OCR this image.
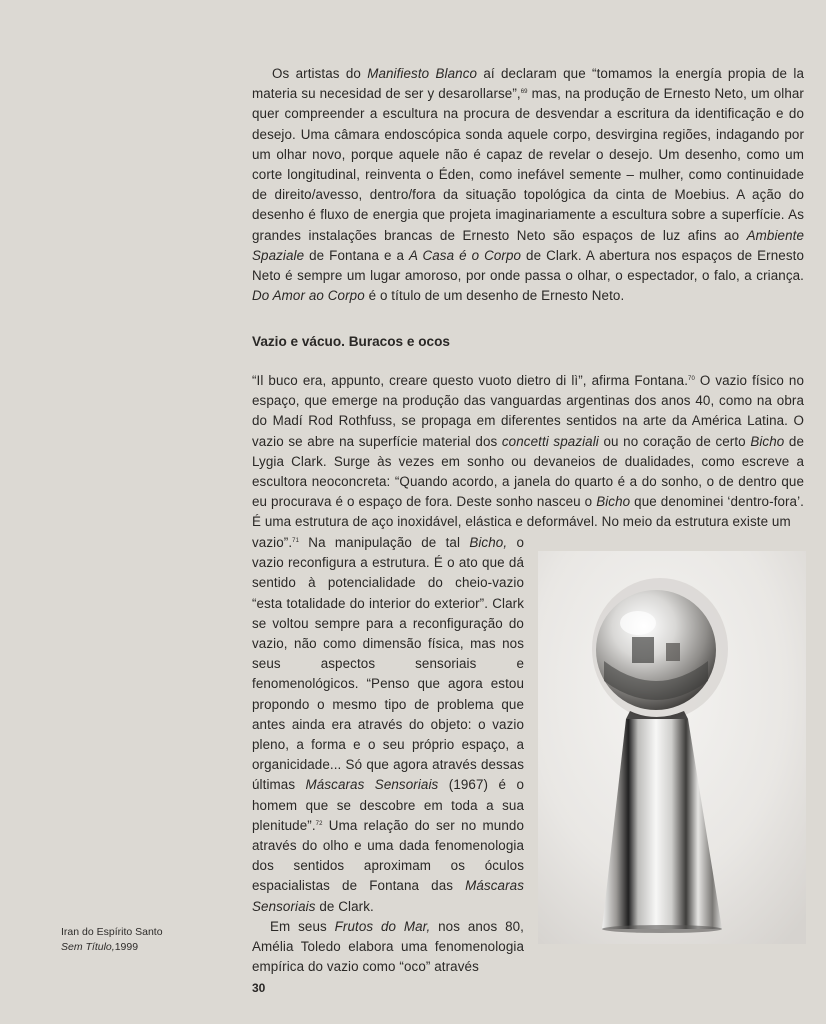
Os artistas do Manifiesto Blanco aí declaram que “tomamos la energía propia de la materia su necesidad de ser y desarollarse”,$^{69}$ mas, na produção de Ernesto Neto, um olhar quer compreender a escultura na procura de desvendar a escritura da identificação e do desejo. Uma câmara endoscópica sonda aquele corpo, desvirgina regiões, indagando por um olhar novo, porque aquele não é capaz de revelar o desejo. Um desenho, como um corte longitudinal, reinventa o Éden, como inefável semente – mulher, como continuidade de direito/avesso, dentro/fora da situação topológica da cinta de Moebius. A ação do desenho é fluxo de energia que projeta imaginariamente a escultura sobre a superfície. As grandes instalações brancas de Ernesto Neto são espaços de luz afins ao Ambiente Spaziale de Fontana e a A Casa é o Corpo de Clark. A abertura nos espaços de Ernesto Neto é sempre um lugar amoroso, por onde passa o olhar, o espectador, o falo, a criança. Do Amor ao Corpo é o título de um desenho de Ernesto Neto.

Vazio e vácuo. Buracos e ocos

“Il buco era, appunto, creare questo vuoto dietro di lì”, afirma Fontana.$^{70}$ O vazio físico no espaço, que emerge na produção das vanguardas argentinas dos anos 40, como na obra do Madí Rod Rothfuss, se propaga em diferentes sentidos na arte da América Latina. O vazio se abre na superfície material dos concetti spaziali ou no coração de certo Bicho de Lygia Clark. Surge às vezes em sonho ou devaneios de dualidades, como escreve a escultora neoconcreta: “Quando acordo, a janela do quarto é a do sonho, o de dentro que eu procurava é o espaço de fora. Deste sonho nasceu o Bicho que denominei ‘dentro-fora’. É uma estrutura de aço inoxidável, elástica e deformável. No meio da estrutura existe um

vazio”.$^{71}$ Na manipulação de tal Bicho, o vazio reconfigura a estrutura. É o ato que dá sentido à potencialidade do cheio-vazio “esta totalidade do interior do exterior”. Clark se voltou sempre para a reconfiguração do vazio, não como dimensão física, mas nos seus aspectos sensoriais e fenomenológicos. “Penso que agora estou propondo o mesmo tipo de problema que antes ainda era através do objeto: o vazio pleno, a forma e o seu próprio espaço, a organicidade... Só que agora através dessas últimas Máscaras Sensoriais (1967) é o homem que se descobre em toda a sua plenitude”.$^{72}$ Uma relação do ser no mundo através do olho e uma dada fenomenologia dos sentidos aproximam os óculos espacialistas de Fontana das Máscaras Sensoriais de Clark.

Em seus Frutos do Mar, nos anos 80, Amélia Toledo elabora uma fenomenologia empírica do vazio como “oco” através

Iran do Espírito Santo
Sem Título,1999
30
